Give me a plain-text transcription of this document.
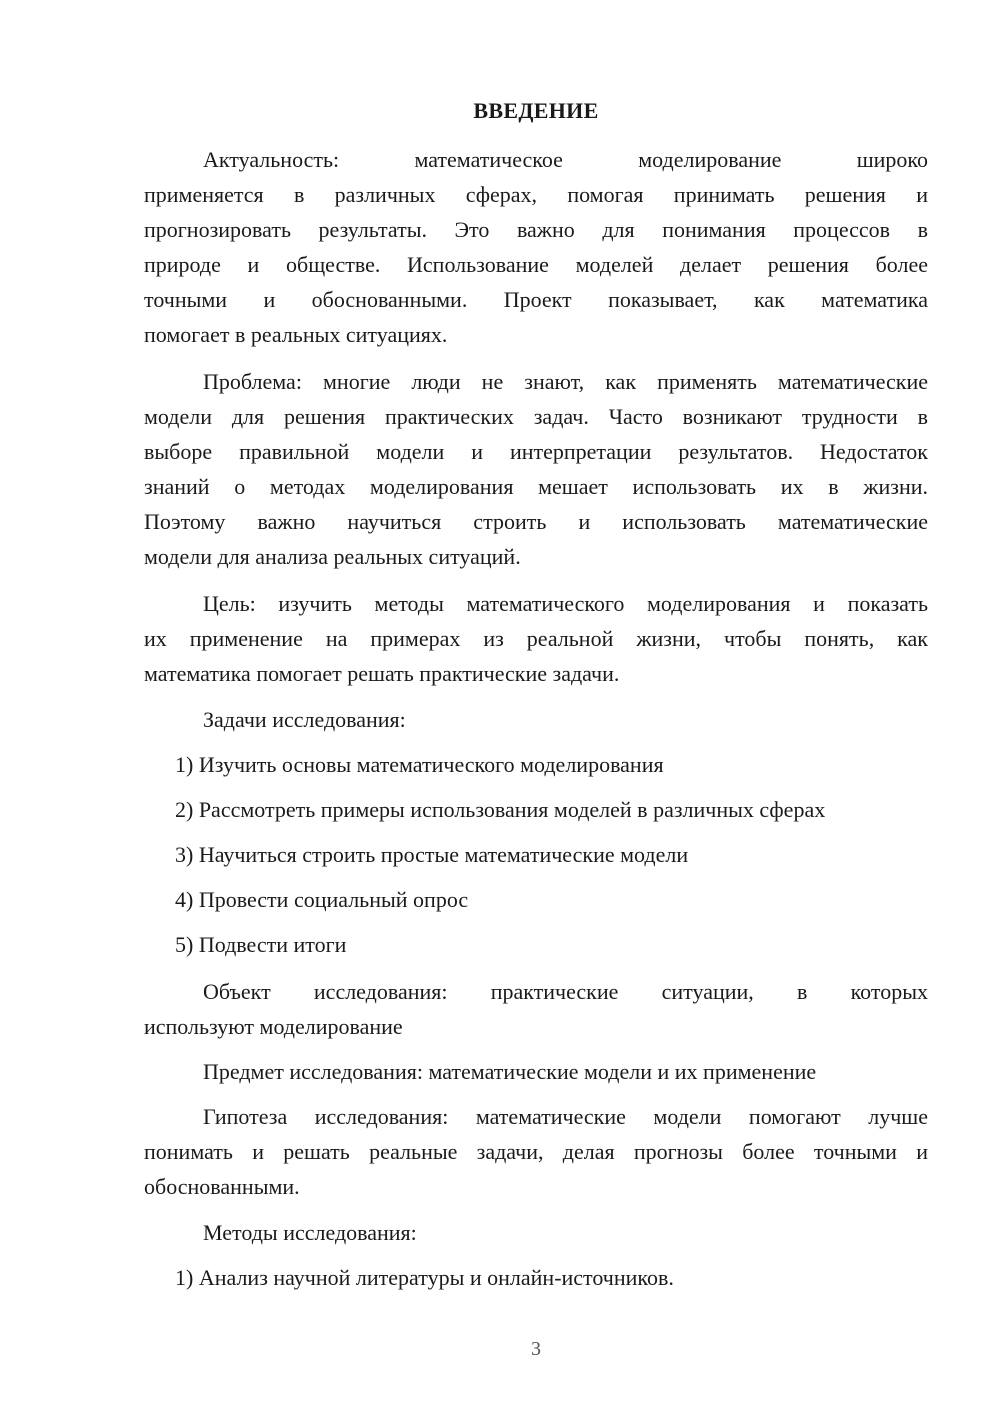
ВВЕДЕНИЕ
Актуальность: математическое моделирование широко
применяется в различных сферах, помогая принимать решения и
прогнозировать результаты. Это важно для понимания процессов в
природе и обществе. Использование моделей делает решения более
точными и обоснованными. Проект показывает, как математика
помогает в реальных ситуациях.
Проблема: многие люди не знают, как применять математические
модели для решения практических задач. Часто возникают трудности в
выборе правильной модели и интерпретации результатов. Недостаток
знаний о методах моделирования мешает использовать их в жизни.
Поэтому важно научиться строить и использовать математические
модели для анализа реальных ситуаций.
Цель: изучить методы математического моделирования и показать
их применение на примерах из реальной жизни, чтобы понять, как
математика помогает решать практические задачи.
Задачи исследования:
1) Изучить основы математического моделирования
2) Рассмотреть примеры использования моделей в различных сферах
3) Научиться строить простые математические модели
4) Провести социальный опрос
5) Подвести итоги
Объект исследования: практические ситуации, в которых
используют моделирование
Предмет исследования: математические модели и их применение
Гипотеза исследования: математические модели помогают лучше
понимать и решать реальные задачи, делая прогнозы более точными и
обоснованными.
Методы исследования:
1) Анализ научной литературы и онлайн-источников.
3
